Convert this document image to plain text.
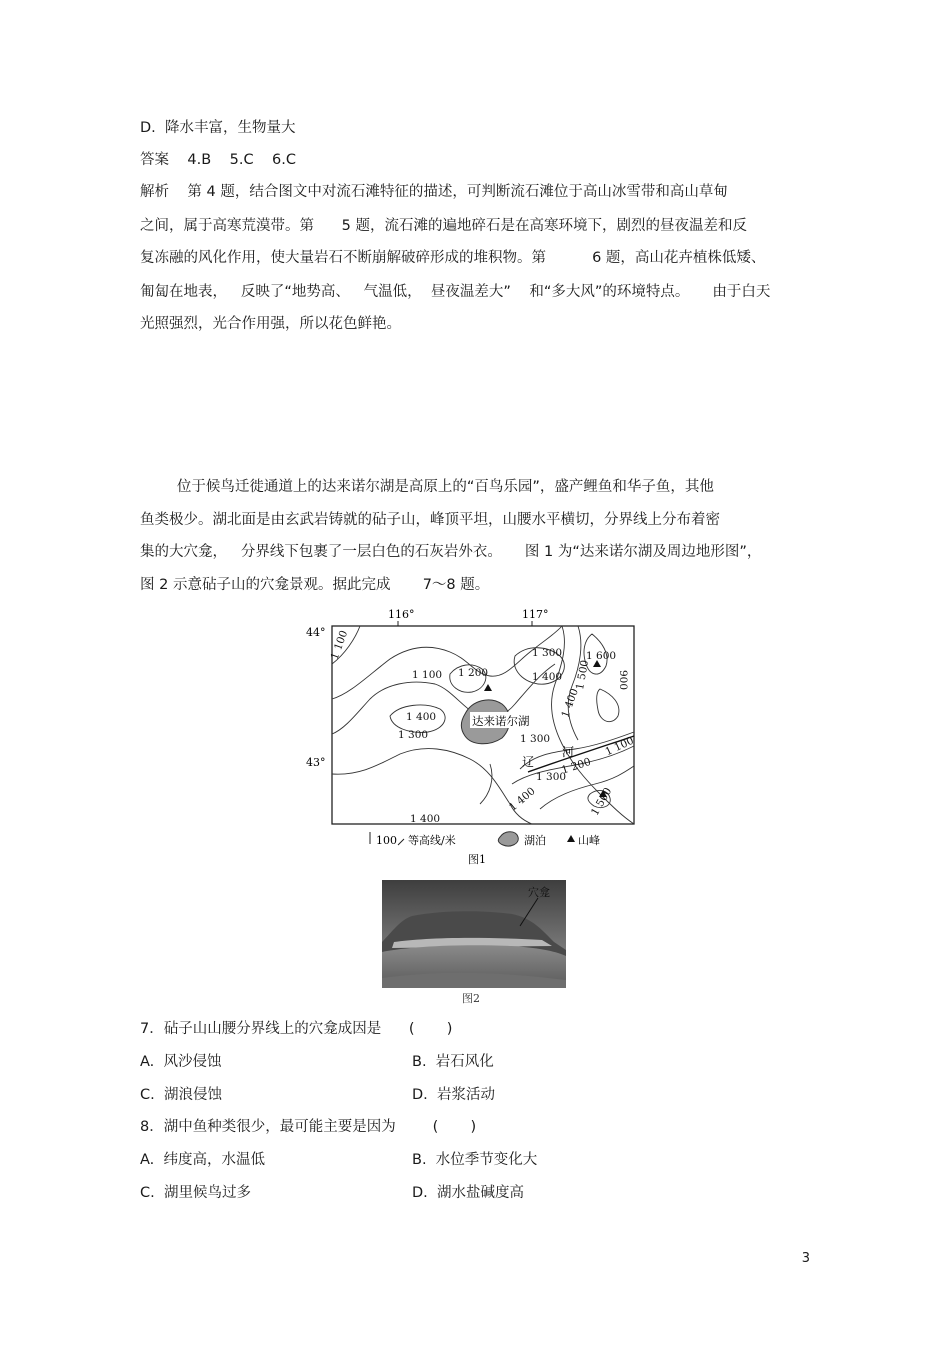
D.  降水丰富，生物量大
答案    4.B    5.C    6.C
解析    第 4 题，结合图文中对流石滩特征的描述，可判断流石滩位于高山冰雪带和高山草甸
之间，属于高寒荒漠带。第      5 题，流石滩的遍地碎石是在高寒环境下，剧烈的昼夜温差和反
复冻融的风化作用，使大量岩石不断崩解破碎形成的堆积物。第          6 题，高山花卉植株低矮、
匍匐在地表，   反映了“地势高、   气温低，  昼夜温差大”    和“多大风”的环境特点。     由于白天
光照强烈，光合作用强，所以花色鲜艳。
位于候鸟迁徙通道上的达来诺尔湖是高原上的“百鸟乐园”，盛产鲤鱼和华子鱼，其他
鱼类极少。湖北面是由玄武岩铸就的砧子山，峰顶平坦，山腰水平横切，分界线上分布着密
集的大穴龛，   分界线下包裹了一层白色的石灰岩外衣。     图 1 为“达来诺尔湖及周边地形图”，
图 2 示意砧子山的穴龛景观。据此完成       7～8 题。
116°	117°
44°
43°
达来诺尔湖
河
辽
1 100
1 100 1 200
1 300
1 400
1 600
1 400
1 300	1 300
1 400
1 500 900
1 200
1 300
1 100
1 400	1 500
1 400
100 等高线/米	湖泊	山峰
图1
穴龛
图2
7．砧子山山腰分界线上的穴龛成因是      (       )
A.  风沙侵蚀	B.  岩石风化
C.  湖浪侵蚀	D.  岩浆活动
8．湖中鱼种类很少，最可能主要是因为        (       )
A.  纬度高，水温低	B.  水位季节变化大
C.  湖里候鸟过多	D.  湖水盐碱度高
3
